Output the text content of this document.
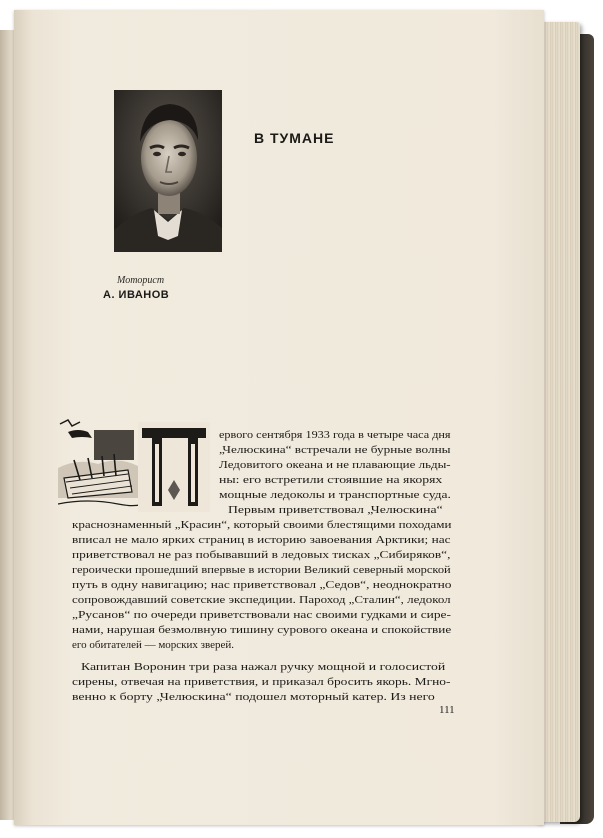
В ТУМАНЕ
Моторист
А. ИВАНОВ
ервого сентября 1933 года в четыре часа дня
„Челюскина“ встречали не бурные волны
Ледовитого океана и не плавающие льды-
ны: его встретили стоявшие на якорях
мощные ледоколы и транспортные суда.
Первым приветствовал „Челюскина“
краснознаменный „Красин“, который своими блестящими походами
вписал не мало ярких страниц в историю завоевания Арктики; нас
приветствовал не раз побывавший в ледовых тисках „Сибиряков“,
героически прошедший впервые в истории Великий северный морской
путь в одну навигацию; нас приветствовал „Седов“, неоднократно
сопровождавший советские экспедиции. Пароход „Сталин“, ледокол
„Русанов“ по очереди приветствовали нас своими гудками и сире-
нами, нарушая безмолвную тишину сурового океана и спокойствие
его обитателей — морских зверей.
Капитан Воронин три раза нажал ручку мощной и голосистой
сирены, отвечая на приветствия, и приказал бросить якорь. Мгно-
венно к борту „Челюскина“ подошел моторный катер. Из него
111
